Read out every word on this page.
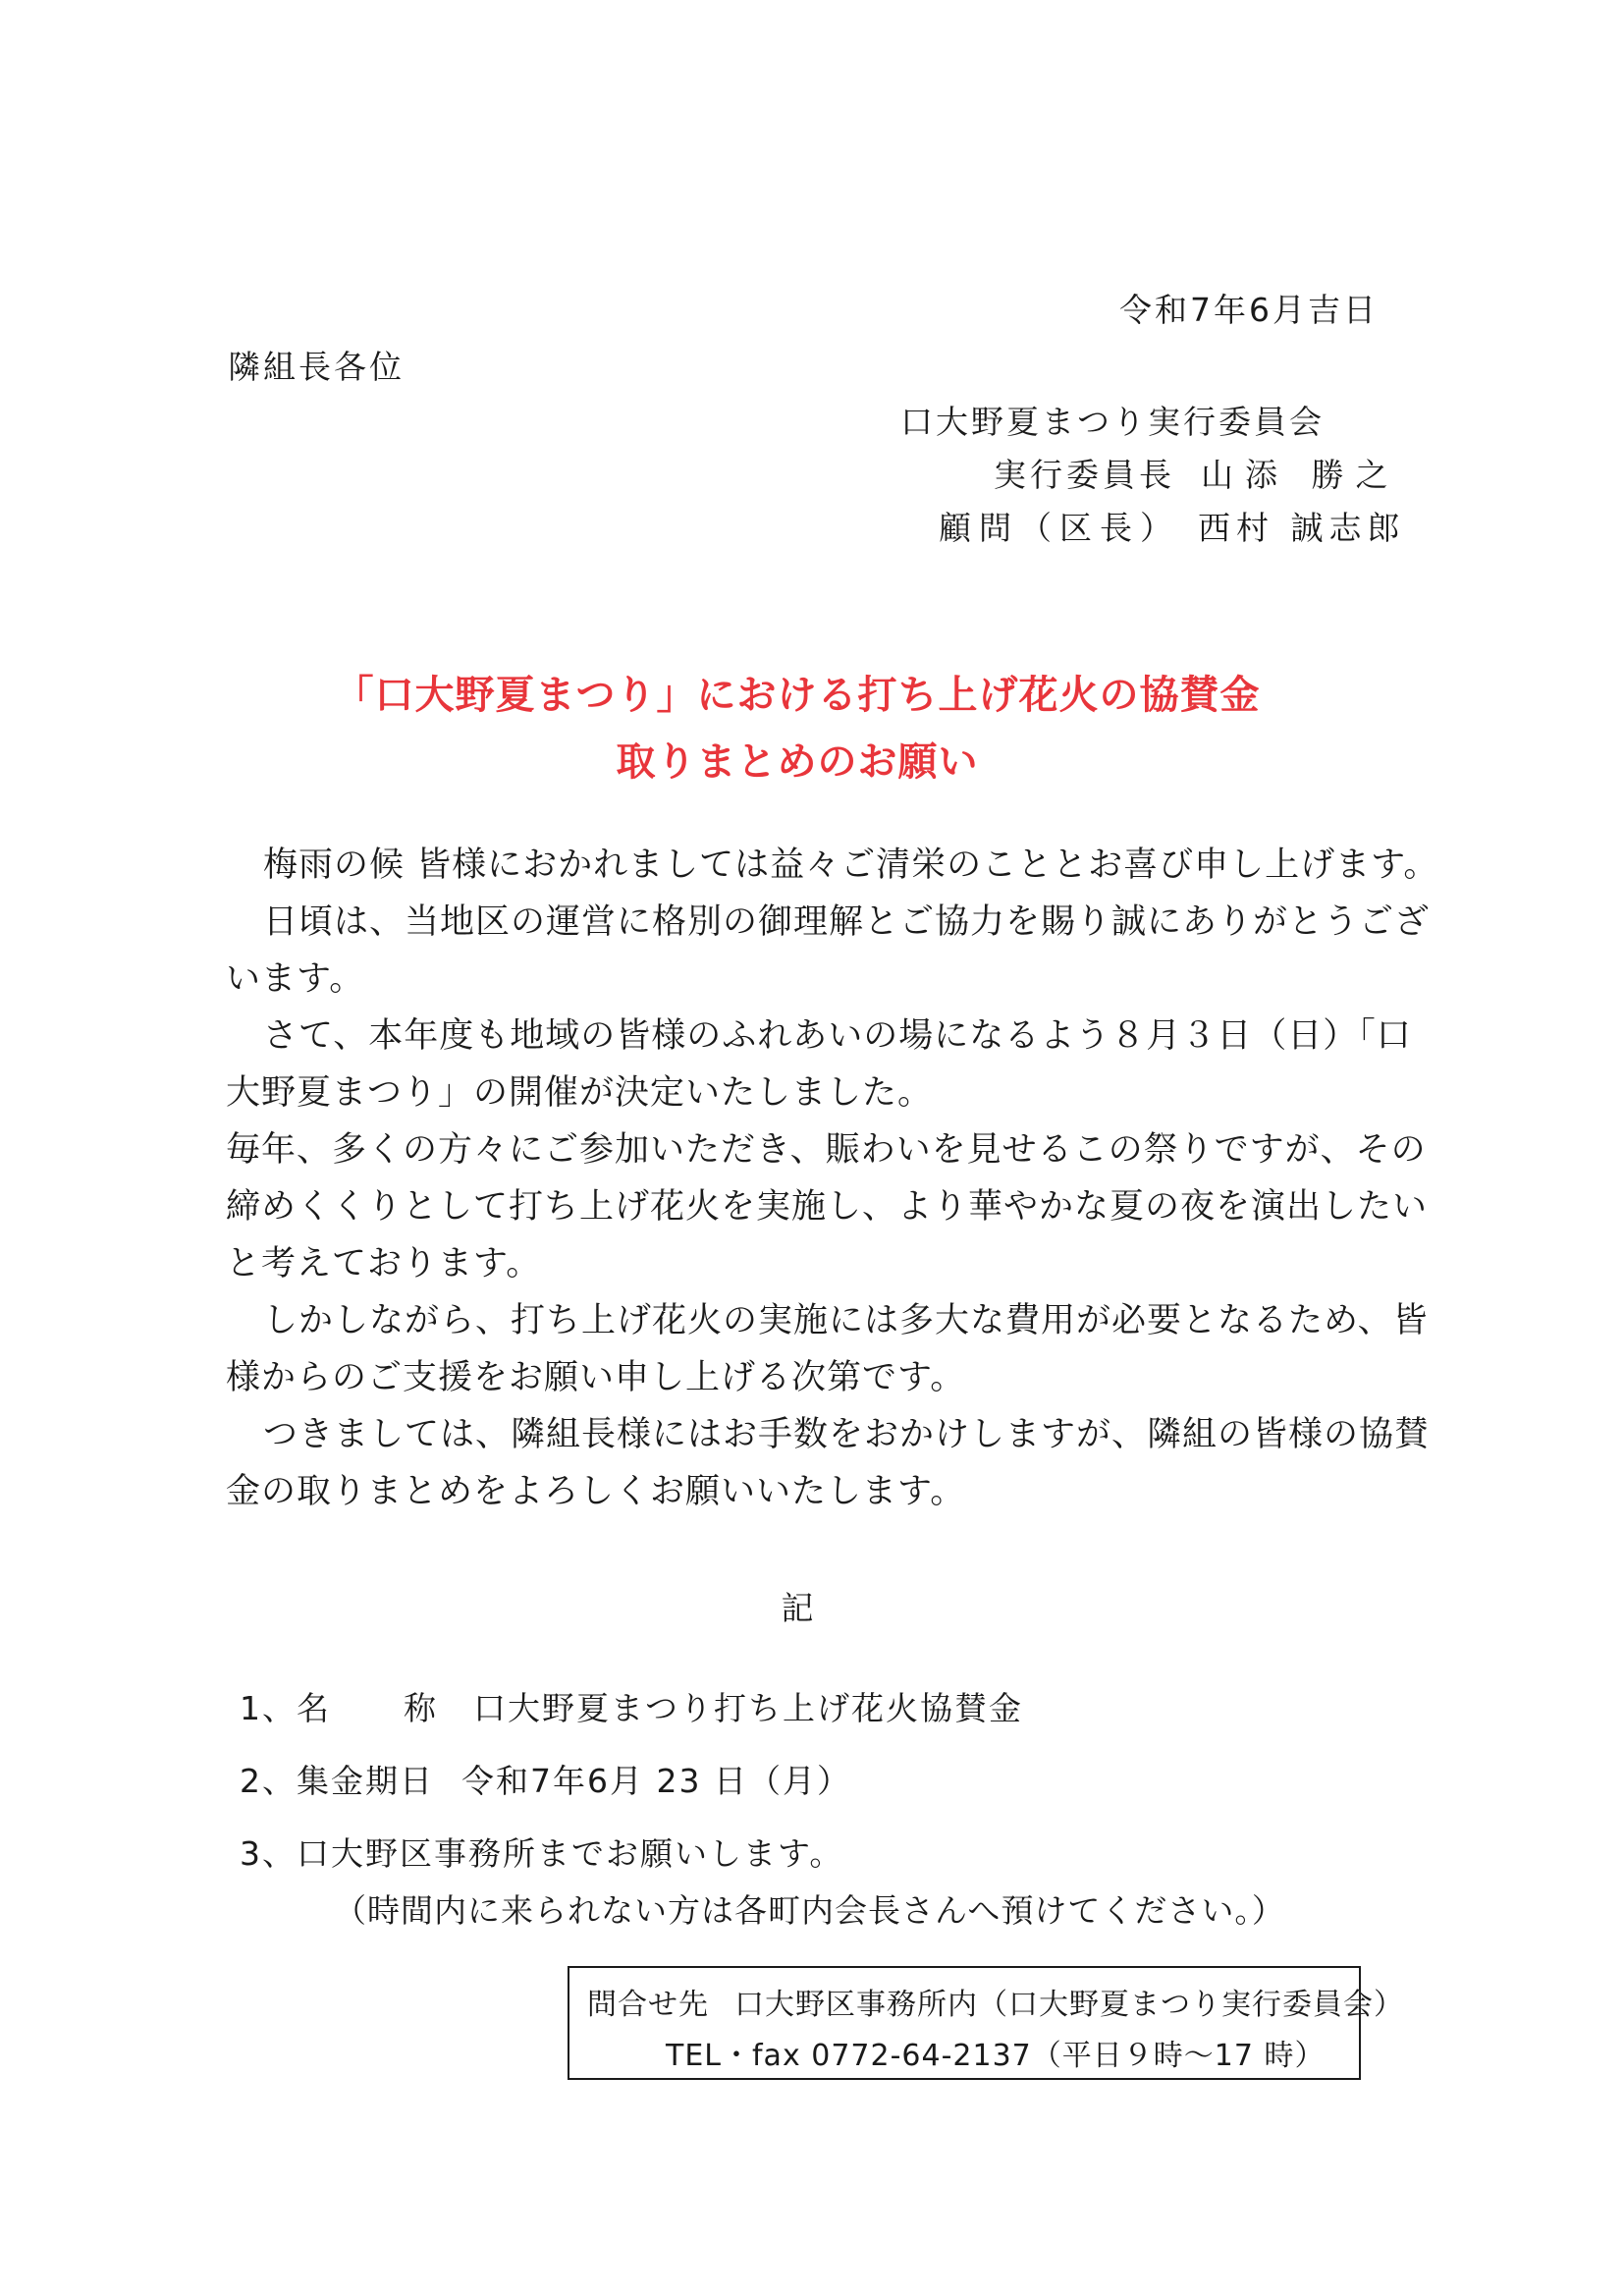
令和7年6月吉日
隣組長各位
口大野夏まつり実行委員会
実行委員長 山添 勝之
顧問（区長） 西村 誠志郎
「口大野夏まつり」における打ち上げ花火の協賛金
取りまとめのお願い

梅雨の候 皆様におかれましては益々ご清栄のこととお喜び申し上げます。

日頃は、当地区の運営に格別の御理解とご協力を賜り誠にありがとうございます。

さて、本年度も地域の皆様のふれあいの場になるよう８月３日（日）「口大野夏まつり」の開催が決定いたしました。

毎年、多くの方々にご参加いただき、賑わいを見せるこの祭りですが、その締めくくりとして打ち上げ花火を実施し、より華やかな夏の夜を演出したいと考えております。

しかしながら、打ち上げ花火の実施には多大な費用が必要となるため、皆様からのご支援をお願い申し上げる次第です。

つきましては、隣組長様にはお手数をおかけしますが、隣組の皆様の協賛金の取りまとめをよろしくお願いいたします。

記
1、名 称 口大野夏まつり打ち上げ花火協賛金
2、集金期日 令和7年6月 23 日（月）
3、口大野区事務所までお願いします。
（時間内に来られない方は各町内会長さんへ預けてください。）
問合せ先 口大野区事務所内（口大野夏まつり実行委員会）
TEL・fax 0772-64-2137（平日９時～17 時）
